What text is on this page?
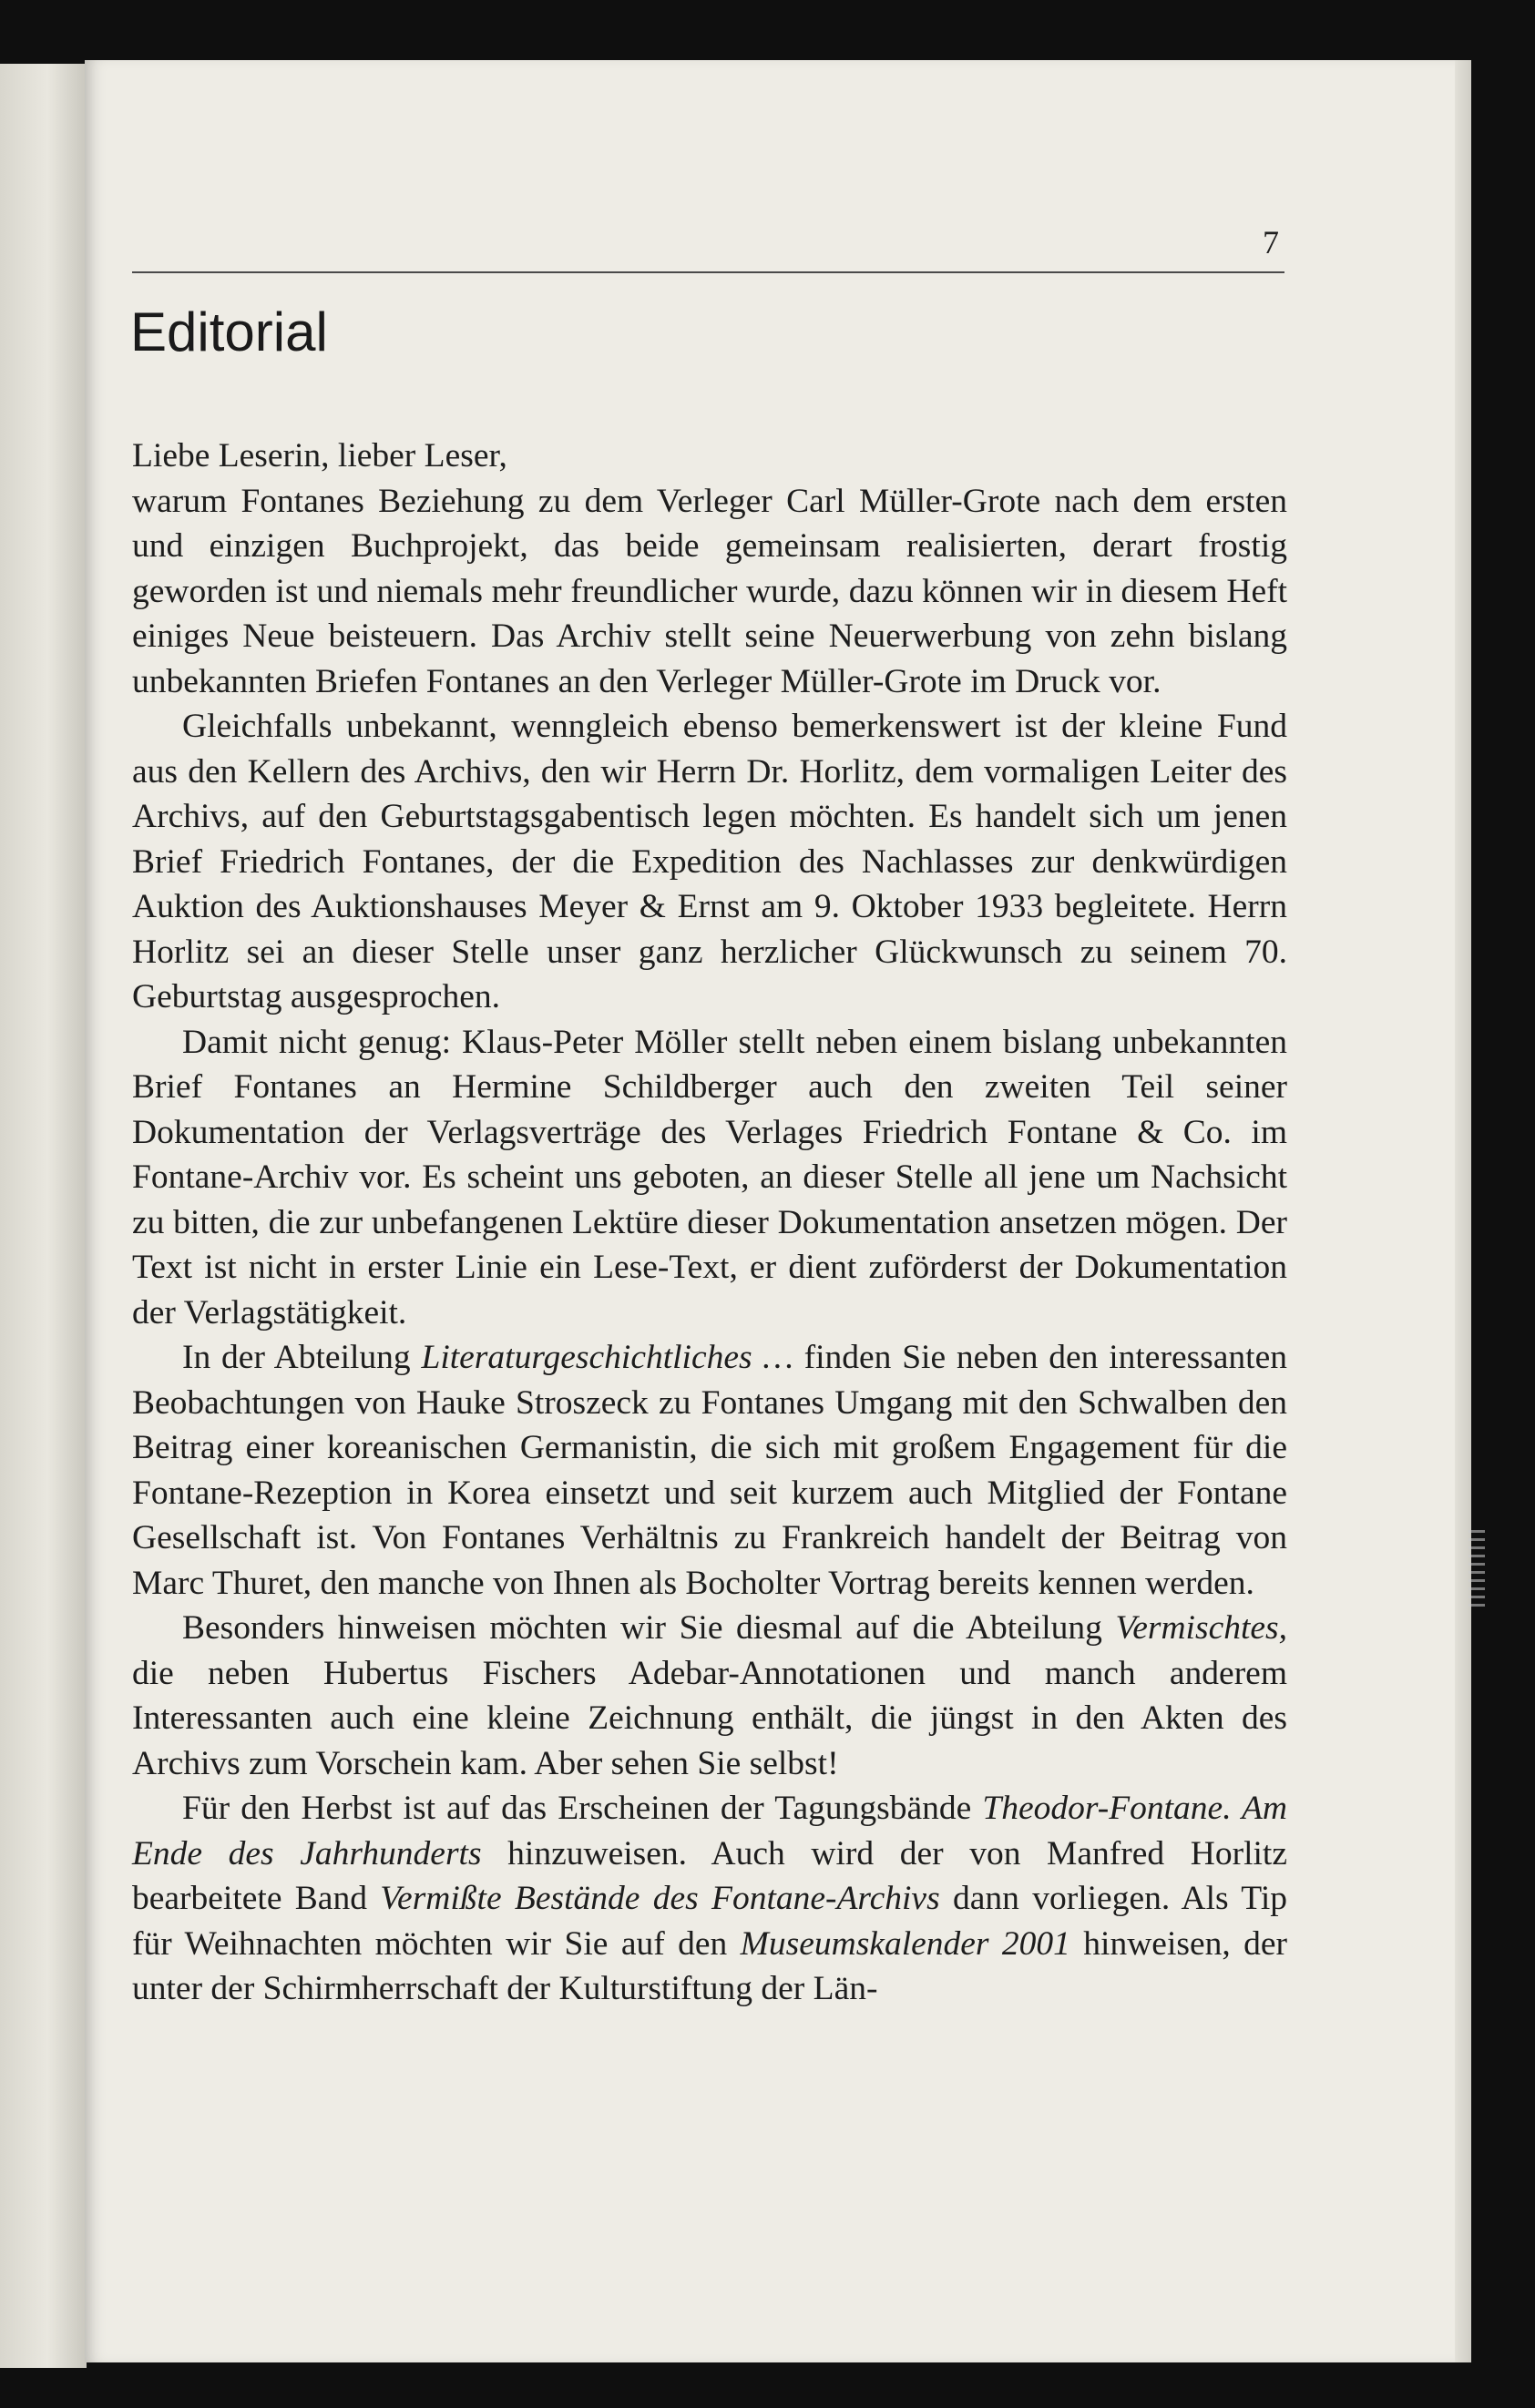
7
Editorial

Liebe Leserin, lieber Leser,

warum Fontanes Beziehung zu dem Verleger Carl Müller-Grote nach dem ersten und einzigen Buchprojekt, das beide gemeinsam realisierten, derart frostig geworden ist und niemals mehr freundlicher wurde, dazu können wir in diesem Heft einiges Neue beisteuern. Das Archiv stellt seine Neuerwerbung von zehn bislang unbekannten Briefen Fontanes an den Verleger Müller-Grote im Druck vor.

Gleichfalls unbekannt, wenngleich ebenso bemerkenswert ist der kleine Fund aus den Kellern des Archivs, den wir Herrn Dr. Horlitz, dem vormaligen Leiter des Archivs, auf den Geburtstagsgabentisch legen möchten. Es handelt sich um jenen Brief Friedrich Fontanes, der die Expedition des Nachlasses zur denkwürdigen Auktion des Auktionshauses Meyer & Ernst am 9. Oktober 1933 begleitete. Herrn Horlitz sei an dieser Stelle unser ganz herzlicher Glückwunsch zu seinem 70. Geburtstag ausgesprochen.

Damit nicht genug: Klaus-Peter Möller stellt neben einem bislang unbekannten Brief Fontanes an Hermine Schildberger auch den zweiten Teil seiner Dokumentation der Verlagsverträge des Verlages Friedrich Fontane & Co. im Fontane-Archiv vor. Es scheint uns geboten, an dieser Stelle all jene um Nachsicht zu bitten, die zur unbefangenen Lektüre dieser Dokumentation ansetzen mögen. Der Text ist nicht in erster Linie ein Lese-Text, er dient zuförderst der Dokumentation der Verlagstätigkeit.

In der Abteilung Literaturgeschichtliches … finden Sie neben den interessanten Beobachtungen von Hauke Stroszeck zu Fontanes Umgang mit den Schwalben den Beitrag einer koreanischen Germanistin, die sich mit großem Engagement für die Fontane-Rezeption in Korea einsetzt und seit kurzem auch Mitglied der Fontane Gesellschaft ist. Von Fontanes Verhältnis zu Frankreich handelt der Beitrag von Marc Thuret, den manche von Ihnen als Bocholter Vortrag bereits kennen werden.

Besonders hinweisen möchten wir Sie diesmal auf die Abteilung Vermischtes, die neben Hubertus Fischers Adebar-Annotationen und manch anderem Interessanten auch eine kleine Zeichnung enthält, die jüngst in den Akten des Archivs zum Vorschein kam. Aber sehen Sie selbst!

Für den Herbst ist auf das Erscheinen der Tagungsbände Theodor-Fontane. Am Ende des Jahrhunderts hinzuweisen. Auch wird der von Manfred Horlitz bearbeitete Band Vermißte Bestände des Fontane-Archivs dann vorliegen. Als Tip für Weihnachten möchten wir Sie auf den Museumskalender 2001 hinweisen, der unter der Schirmherrschaft der Kulturstiftung der Län-
